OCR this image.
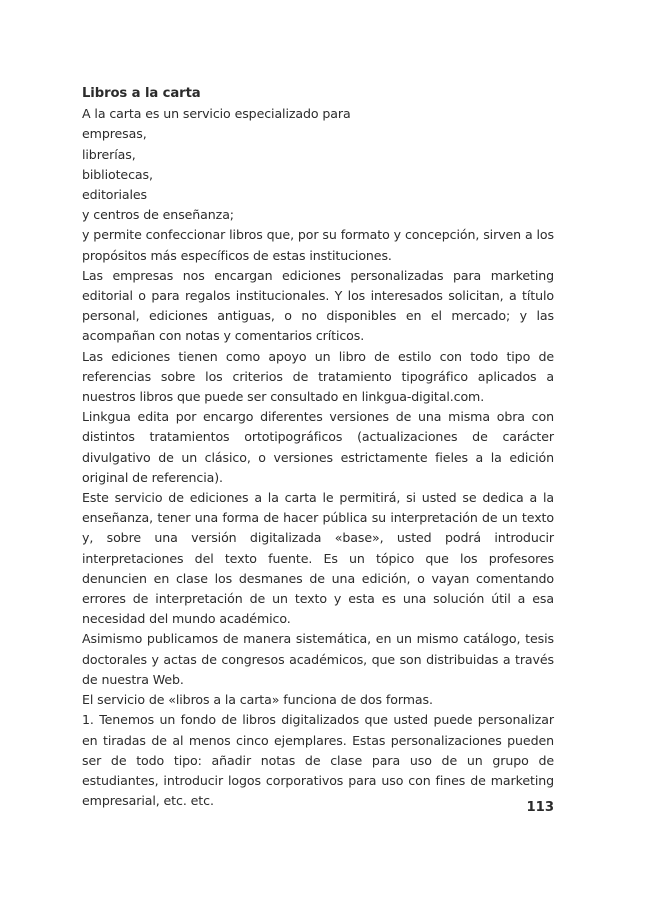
Libros a la carta

A la carta es un servicio especializado para

empresas,

librerías,

bibliotecas,

editoriales

y centros de enseñanza;

y permite confeccionar libros que, por su formato y concepción, sirven a los propósitos más específicos de estas instituciones.

Las empresas nos encargan ediciones personalizadas para marketing editorial o para regalos institucionales. Y los interesados solicitan, a título personal, ediciones antiguas, o no disponibles en el mercado; y las acompañan con notas y comentarios críticos.

Las ediciones tienen como apoyo un libro de estilo con todo tipo de referencias sobre los criterios de tratamiento tipográfico aplicados a nuestros libros que puede ser consultado en linkgua-digital.com.

Linkgua edita por encargo diferentes versiones de una misma obra con distintos tratamientos ortotipográficos (actualizaciones de carácter divulgativo de un clásico, o versiones estrictamente fieles a la edición original de referencia).

Este servicio de ediciones a la carta le permitirá, si usted se dedica a la enseñanza, tener una forma de hacer pública su interpretación de un texto y, sobre una versión digitalizada «base», usted podrá introducir interpretaciones del texto fuente. Es un tópico que los profesores denuncien en clase los desmanes de una edición, o vayan comentando errores de interpretación de un texto y esta es una solución útil a esa necesidad del mundo académico.

Asimismo publicamos de manera sistemática, en un mismo catálogo, tesis doctorales y actas de congresos académicos, que son distribuidas a través de nuestra Web.

El servicio de «libros a la carta» funciona de dos formas.

1. Tenemos un fondo de libros digitalizados que usted puede personalizar en tiradas de al menos cinco ejemplares. Estas personalizaciones pueden ser de todo tipo: añadir notas de clase para uso de un grupo de estudiantes, introducir logos corporativos para uso con fines de marketing empresarial, etc. etc.	113
